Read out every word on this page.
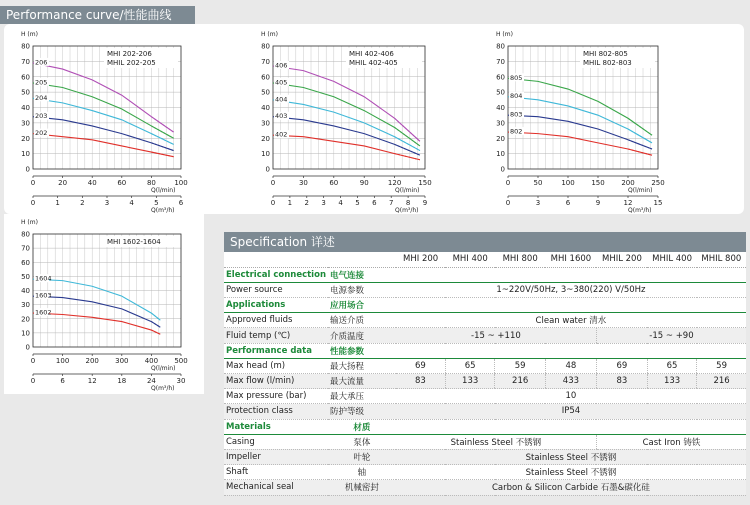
Performance curve/性能曲线
0
10
20
30
40
50
60
70
80
H (m)
0	20	40	60	80	100
Q(l/min)
0	1	2	3	4	5	6
Q(m³/h)
MHI 202-206
MHIL 202-205
206
205
204
203
202
0
10
20
30
40
50
60
70
80
H (m)
0	30	60	90	120 150
Q(l/min)
0 1 2 3 4 5 6 7 8 9
Q(m³/h)
MHI 402-406
MHIL 402-405
406
405
404
403
402
0
10
20
30
40
50
60
70
80
H (m)
0	50	100 150 200 250
Q(l/min)
0	3	6	9	12	15
Q(m³/h)
MHI 802-805
MHIL 802-803
805
804
803
802
0
10
20
30
40
50
60
70
80
H (m)
0	100 200 300 400 500
Q(l/min)
0	6	12	18	24	30
Q(m³/h)
MHI 1602-1604
1604
1603
1602
Specification 详述
		MHI 200	MHI 400	MHI 800	MHI 1600	MHIL 200	MHIL 400	MHIL 800
Electrical connection	电气连接							
Power source	电源参数	1~220V/50Hz, 3~380(220) V/50Hz						
Applications	应用场合							
Approved fluids	输送介质	Clean water 清水						
Fluid temp (℃)	介质温度	-15 ~ +110				-15 ~ +90		
Performance data	性能参数							
Max head (m)	最大扬程	69	65	59	48	69	65	59
Max flow (l/min)	最大流量	83	133	216	433	83	133	216
Max pressure (bar)	最大承压	10						
Protection class	防护等级	IP54						
Materials	材质							
Casing	泵体	Stainless Steel 不锈钢				Cast Iron 铸铁		
Impeller	叶轮	Stainless Steel 不锈钢						
Shaft	轴	Stainless Steel 不锈钢						
Mechanical seal	机械密封	Carbon & Silicon Carbide 石墨&碳化硅						
